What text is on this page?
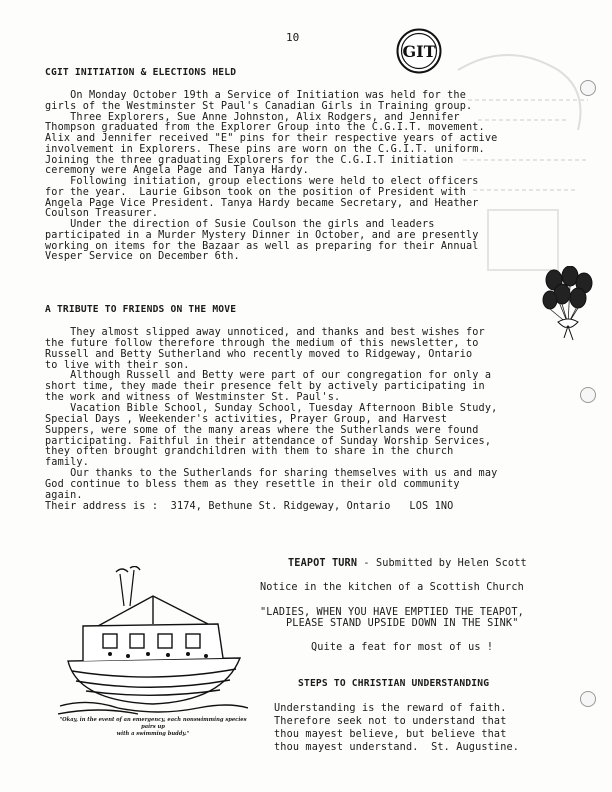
10
GIT
CGIT INITIATION & ELECTIONS HELD
On Monday October 19th a Service of Initiation was held for the
girls of the Westminster St Paul's Canadian Girls in Training group.
Three Explorers, Sue Anne Johnston, Alix Rodgers, and Jennifer
Thompson graduated from the Explorer Group into the C.G.I.T. movement.
Alix and Jennifer received "E" pins for their respective years of active
involvement in Explorers. These pins are worn on the C.G.I.T. uniform.
Joining the three graduating Explorers for the C.G.I.T initiation
ceremony were Angela Page and Tanya Hardy.
Following initiation, group elections were held to elect officers
for the year.  Laurie Gibson took on the position of President with
Angela Page Vice President. Tanya Hardy became Secretary, and Heather
Coulson Treasurer.
Under the direction of Susie Coulson the girls and leaders
participated in a Murder Mystery Dinner in October, and are presently
working on items for the Bazaar as well as preparing for their Annual
Vesper Service on December 6th.
A TRIBUTE TO FRIENDS ON THE MOVE
They almost slipped away unnoticed, and thanks and best wishes for
the future follow therefore through the medium of this newsletter, to
Russell and Betty Sutherland who recently moved to Ridgeway, Ontario
to live with their son.
Although Russell and Betty were part of our congregation for only a
short time, they made their presence felt by actively participating in
the work and witness of Westminster St. Paul's.
Vacation Bible School, Sunday School, Tuesday Afternoon Bible Study,
Special Days , Weekender's activities, Prayer Group, and Harvest
Suppers, were some of the many areas where the Sutherlands were found
participating. Faithful in their attendance of Sunday Worship Services,
they often brought grandchildren with them to share in the church
family.
Our thanks to the Sutherlands for sharing themselves with us and may
God continue to bless them as they resettle in their old community
again.
Their address is :  3174, Bethune St. Ridgeway, Ontario   LOS 1NO
"Okay, in the event of an emergency, each nonswimming species pairs up
with a swimming buddy."
TEAPOT TURN - Submitted by Helen Scott
Notice in the kitchen of a Scottish Church
"LADIES, WHEN YOU HAVE EMPTIED THE TEAPOT,
PLEASE STAND UPSIDE DOWN IN THE SINK"
Quite a feat for most of us !
STEPS TO CHRISTIAN UNDERSTANDING
Understanding is the reward of faith.
Therefore seek not to understand that
thou mayest believe, but believe that
thou mayest understand.  St. Augustine.
